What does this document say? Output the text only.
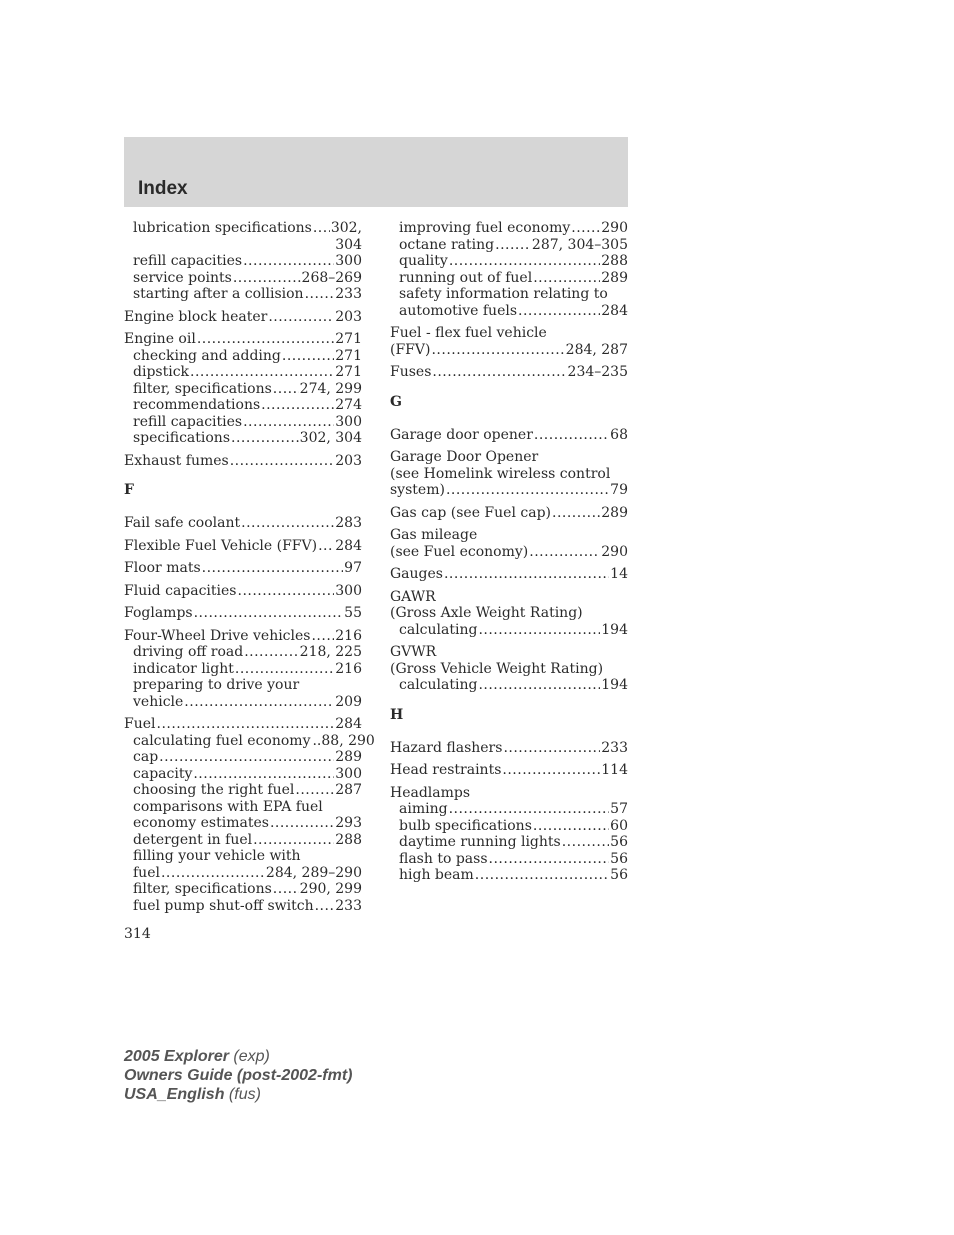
Index
lubrication specifications ..... 302,
304
refill capacities .....	300
service points .....	268–269
starting after a collision ..... 233
Engine block heater .....	203
Engine oil .....	271
checking and adding .....	271
dipstick .....	271
filter, specifications ..... 274, 299
recommendations .....	274
refill capacities .....	300
specifications .....	302, 304
Exhaust fumes .....	203
F
Fail safe coolant .....	283
Flexible Fuel Vehicle (FFV) ..... 284
Floor mats .....	97
Fluid capacities .....	300
Foglamps .....	55
Four-Wheel Drive vehicles ..... 216
driving off road .....	218, 225
indicator light .....	216
preparing to drive your
vehicle .....	209
Fuel .....	284
calculating fuel economy ..88, 290
cap .....	289
capacity .....	300
choosing the right fuel .....	287
comparisons with EPA fuel
economy estimates .....	293
detergent in fuel .....	288
filling your vehicle with
fuel .....	284, 289–290
filter, specifications ..... 290, 299
fuel pump shut-off switch ..... 233
improving fuel economy ..... 290
octane rating .....	287, 304–305
quality .....	288
running out of fuel .....	289
safety information relating to
automotive fuels .....	284
Fuel - flex fuel vehicle
(FFV) .....	284, 287
Fuses .....	234–235
G
Garage door opener .....	68
Garage Door Opener
(see Homelink wireless control
system) .....	79
Gas cap (see Fuel cap) .....	289
Gas mileage
(see Fuel economy) .....	290
Gauges .....	14
GAWR
(Gross Axle Weight Rating)
calculating .....	194
GVWR
(Gross Vehicle Weight Rating)
calculating .....	194
H
Hazard flashers .....	233
Head restraints .....	114
Headlamps
aiming .....	57
bulb specifications .....	60
daytime running lights .....	56
flash to pass .....	56
high beam .....	56
314
2005 Explorer (exp)
Owners Guide (post-2002-fmt)
USA_English (fus)
